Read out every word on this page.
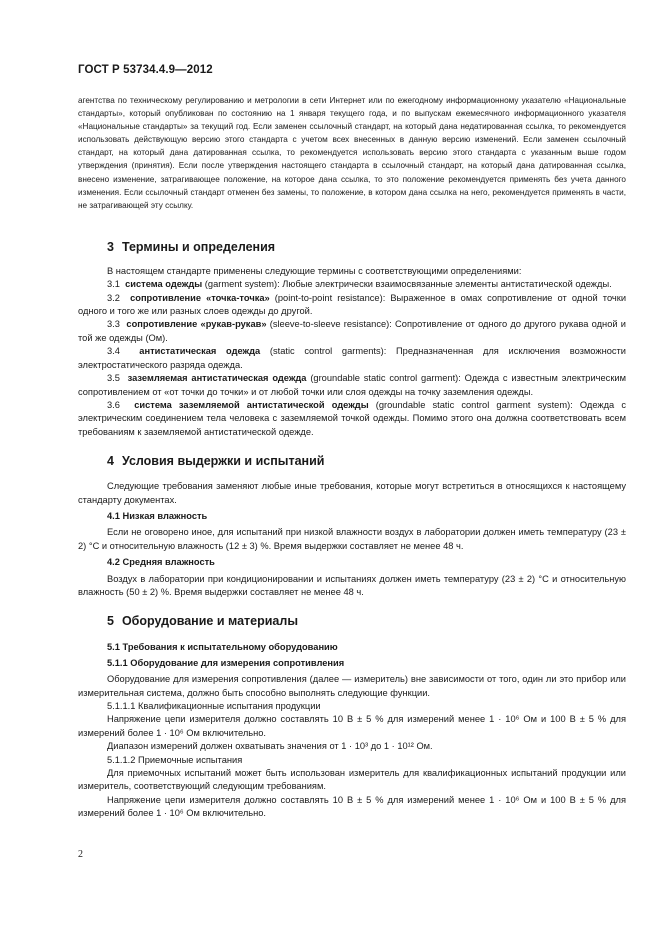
ГОСТ Р 53734.4.9—2012

агентства по техническому регулированию и метрологии в сети Интернет или по ежегодному информационному указателю «Национальные стандарты», который опубликован по состоянию на 1 января текущего года, и по выпускам ежемесячного информационного указателя «Национальные стандарты» за текущий год. Если заменен ссылочный стандарт, на который дана недатированная ссылка, то рекомендуется использовать действующую версию этого стандарта с учетом всех внесенных в данную версию изменений. Если заменен ссылочный стандарт, на который дана датированная ссылка, то рекомендуется использовать версию этого стандарта с указанным выше годом утверждения (принятия). Если после утверждения настоящего стандарта в ссылочный стандарт, на который дана датированная ссылка, внесено изменение, затрагивающее положение, на которое дана ссылка, то это положение рекомендуется применять без учета данного изменения. Если ссылочный стандарт отменен без замены, то положение, в котором дана ссылка на него, рекомендуется применять в части, не затрагивающей эту ссылку.

3 Термины и определения

В настоящем стандарте применены следующие термины с соответствующими определениями:

3.1 система одежды (garment system): Любые электрически взаимосвязанные элементы антистатической одежды.

3.2 сопротивление «точка-точка» (point-to-point resistance): Выраженное в омах сопротивление от одной точки одного и того же или разных слоев одежды до другой.

3.3 сопротивление «рукав-рукав» (sleeve-to-sleeve resistance): Сопротивление от одного до другого рукава одной и той же одежды (Ом).

3.4 антистатическая одежда (static control garments): Предназначенная для исключения возможности электростатического разряда одежда.

3.5 заземляемая антистатическая одежда (groundable static control garment): Одежда с известным электрическим сопротивлением от «от точки до точки» и от любой точки или слоя одежды на точку заземления одежды.

3.6 система заземляемой антистатической одежды (groundable static control garment system): Одежда с электрическим соединением тела человека с заземляемой точкой одежды. Помимо этого она должна соответствовать всем требованиям к заземляемой антистатической одежде.

4 Условия выдержки и испытаний

Следующие требования заменяют любые иные требования, которые могут встретиться в относящихся к настоящему стандарту документах.

4.1 Низкая влажность

Если не оговорено иное, для испытаний при низкой влажности воздух в лаборатории должен иметь температуру (23 ± 2) °С и относительную влажность (12 ± 3) %. Время выдержки составляет не менее 48 ч.

4.2 Средняя влажность

Воздух в лаборатории при кондиционировании и испытаниях должен иметь температуру (23 ± 2) °С и относительную влажность (50 ± 2) %. Время выдержки составляет не менее 48 ч.

5 Оборудование и материалы

5.1 Требования к испытательному оборудованию

5.1.1 Оборудование для измерения сопротивления

Оборудование для измерения сопротивления (далее — измеритель) вне зависимости от того, один ли это прибор или измерительная система, должно быть способно выполнять следующие функции.

5.1.1.1 Квалификационные испытания продукции

Напряжение цепи измерителя должно составлять 10 В ± 5 % для измерений менее 1 · 10⁶ Ом и 100 В ± 5 % для измерений более 1 · 10⁶ Ом включительно.

Диапазон измерений должен охватывать значения от 1 · 10³ до 1 · 10¹² Ом.

5.1.1.2 Приемочные испытания

Для приемочных испытаний может быть использован измеритель для квалификационных испытаний продукции или измеритель, соответствующий следующим требованиям.

Напряжение цепи измерителя должно составлять 10 В ± 5 % для измерений менее 1 · 10⁶ Ом и 100 В ± 5 % для измерений более 1 · 10⁶ Ом включительно.

2
